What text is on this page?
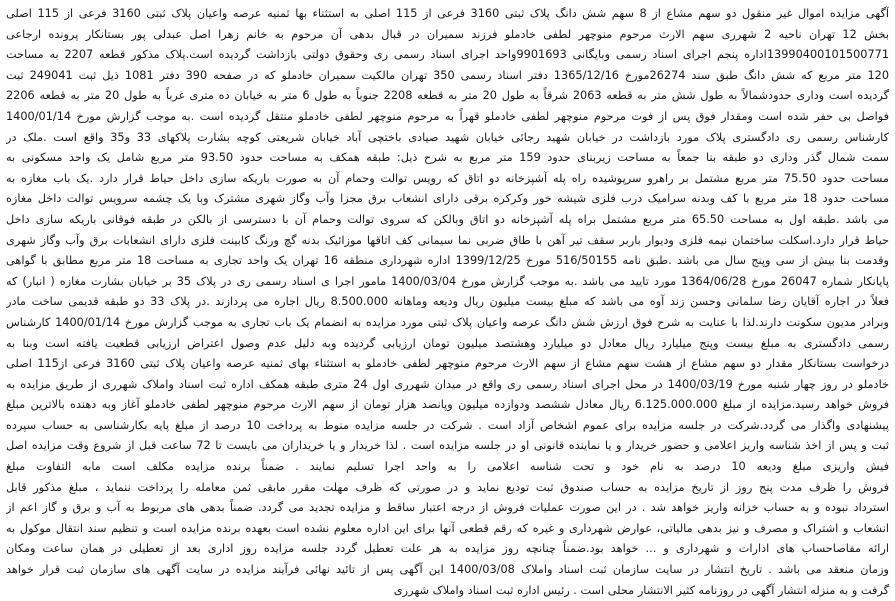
آگهی مزایده اموال غیر منقول دو سهم مشاع از 8 سهم شش دانگ پلاک ثبتی 3160 فرعی از 115 اصلی به استثناء بها ثمنیه عرصه واعیان پلاک ثبتی 3160 فرعی از 115 اصلی
بخش 12 تهران ناحیه 2 شهرری سهم الارث مرحوم منوچهر لطفی خادملو فرزند سمیران در قبال بدهی آن مرحوم به خانم زهرا اصل عبدلی پور بستانکار پرونده ارجاعی
13990400101500771اداره پنجم اجرای اسناد رسمی وبایگانی 9901693واحد اجرای اسناد رسمی ری وحقوق دولتی بازداشت گردیده است.پلاک مذکور قطعه 2207 به مساحت
120 متر مربع که شش دانگ طبق سند 26274مورخ 1365/12/16 دفتر اسناد رسمی 350 تهران مالکیت سمیران خادملو که در صفحه 390 دفتر 1081 ذیل ثبت 249041 ثبت
گردیده است وداری حدودشمالاً به طول شش متر به قطعه 2063 شرقاً به طول 20 متر به قطعه 2208 جنوباً به طول 6 متر به خیابان ده متری غرباً به طول 20 متر به قطعه 2206
فواصل بی حفر شده است ومقدار فوق پس از فوت مرحوم منوچهر لطفی خادملو قهراً به مرحوم منوچهر لطفی خادملو منتقل گردیده است .به موجب گزارش مورخ 1400/01/14
کارشناس رسمی ری دادگستری پلاک مورد بازداشت در خیابان شهید رجائی خیابان شهید صیادی باختچی آباد خیابان شریعتی کوچه بشارت پلاکهای 33 و35 واقع است .ملک در
سمت شمال گذر وداری دو طبقه بنا جمعاً به مساحت زیربنای حدود 159 متر مربع به شرح ذیل: طبقه همکف به مساحت حدود 93.50 متر مربع شامل یک واحد مسکونی به
مساحت حدود 75.50 متر مربع مشتمل بر راهرو سرپوشیده راه پله آشپزخانه دو اتاق که رویس توالت وحمام آن به صورت باریکه سازی داخل حیاط قرار دارد .یک باب مغازه به
مساحت حدود 18 متر مربع با کف وبدنه سرامیک درب فلزی شیشه خور وکرکره برقی دارای انشعاب برق مجزا وآب وگاز شهری مشترک وبا یک چشمه سرویس توالت داخل مغازه
می باشد .طبقه اول به مساحت 65.50 متر مربع مشتمل براه پله آشپزخانه دو اتاق وبالکن که سروی توالت وحمام آن با دسترسی از بالکن در طبقه فوقانی باریکه سازی داخل
حیاط قرار دارد.اسکلت ساختمان نیمه فلزی ودیوار باربر سقف تیر آهن با طاق ضربی نما سیمانی کف اتاقها موزائیک بدنه گچ ورنگ کابینت فلزی دارای انشعابات برق وآب وگاز شهری
وقدمت بنا بیش از سی وپنج سال می باشد .طبق نامه 516/50155 مورخ 1399/12/25 اداره شهرداری منطقه 16 تهران یک واحد تجاری به مساحت 18 متر مربع مطابق با گواهی
پایانکار شماره 26047 مورخ 1364/06/28 مورد تایید می باشد .به موجب گزارش مورخ 1400/03/04 مامور اجرا ی اسناد رسمی ری در پلاک 35 بر خیابان بشارت مغازه ( انبار) که
فعلاً در اجاره آقایان رضا سلمانی وحسن زند آوه می باشد که مبلغ بیست میلیون ریال ودیعه وماهانه 8.500.000 ریال اجاره می پردازند .در پلاک 33 دو طبقه قدیمی ساخت مادر
وبرادر مدیون سکونت دارند.لذا با عنایت به شرح فوق ارزش شش دانگ عرصه واعیان پلاک ثبتی مورد مزایده به انضمام یک باب تجاری به موجب گزارش مورخ 1400/01/14 کارشناس
رسمی دادگستری به مبلغ بیست وپنج میلیارد ریال معادل دو میلیارد وهشتصد میلیون تومان ارزیابی گردیده وبه دلیل عدم وصول اعتراض ارزیابی قطعیت یافته است وبنا به
درخواست بستانکار مقدار دو سهم مشاع از هشت سهم مشاع از سهم الارث مرحوم منوچهر لطفی خادملو به استثناء بهای ثمنیه عرصه واعیان پلاک ثبتی 3160 فرعی از115 اصلی
خادملو در روز چهار شنبه مورخ 1400/03/19 در محل اجرای اسناد رسمی ری واقع در میدان شهرری اول 24 متری طبقه همکف اداره ثبت اسناد واملاک شهرری از طریق مزایده به
فروش خواهد رسید.مزایده از مبلغ 6.125.000.000 ریال معادل ششصد ودوازده میلیون وپانصد هزار تومان از سهم الارث مرحوم منوچهر لطفی خادملو آغاز وبه دهنده بالاترین مبلغ
پیشنهادی واگذار می گردد.شرکت در جلسه مزایده برای عموم اشخاص آزاد است . شرکت در جلسه مزایده منوط به پرداخت 10 درصد از مبلغ پایه بکارشناسی به حساب سپرده
ثبت و پس از اخذ شناسه واریز اعلامی و حضور خریدار و یا نماینده قانونی او در جلسه مزایده است . لذا خریدار و یا خریداران می بایست تا 72 ساعت قبل از شروع وقت مزایده اصل
فیش واریزی مبلغ ودیعه 10 درصد به نام خود و تحت شناسه اعلامی را به واحد اجرا تسلیم نمایند . ضمناً برنده مزایده مکلف است مابه التفاوت مبلغ
فروش را ظرف مدت پنج روز از تاریخ مزایده به حساب صندوق ثبت تودیع نماید و در صورتی که ظرف مهلت مقرر مابقی ثمن معامله را پرداخت ننماید ، مبلغ مذکور قابل
استرداد نبوده و به حساب خزانه واریز خواهد شد . در این صورت عملیات فروش از درجه اعتبار ساقط و مزایده تجدید می گردد. ضمناً بدهی های مربوط به آب و برق و گاز اعم از
انشعاب و اشتراک و مصرف و نیز بدهی مالیاتی، عوارض شهرداری و غیره که رقم قطعی آنها برای این اداره معلوم نشده است بعهده برنده مزایده است و تنظیم سند انتقال موکول به
ارائه مفاصاحساب های ادارات و شهرداری و ... خواهد بود.ضمناً چنانچه روز مزایده به هر علت تعطیل گردد جلسه مزایده روز اداری بعد از تعطیلی در همان ساعت ومکان
وزمان منعقد می باشد . تاریخ انتشار در سایت سازمان ثبت اسناد واملاک 1400/03/08 این آگهی پس از تائید نهائی فرآیند مزایده در سایت آگهی های سازمان ثبت قرار خواهد
گرفت و به منزله انتشار آگهی در روزنامه کثیر الانتشار محلی است . رئیس اداره ثبت اسناد واملاک شهرری
